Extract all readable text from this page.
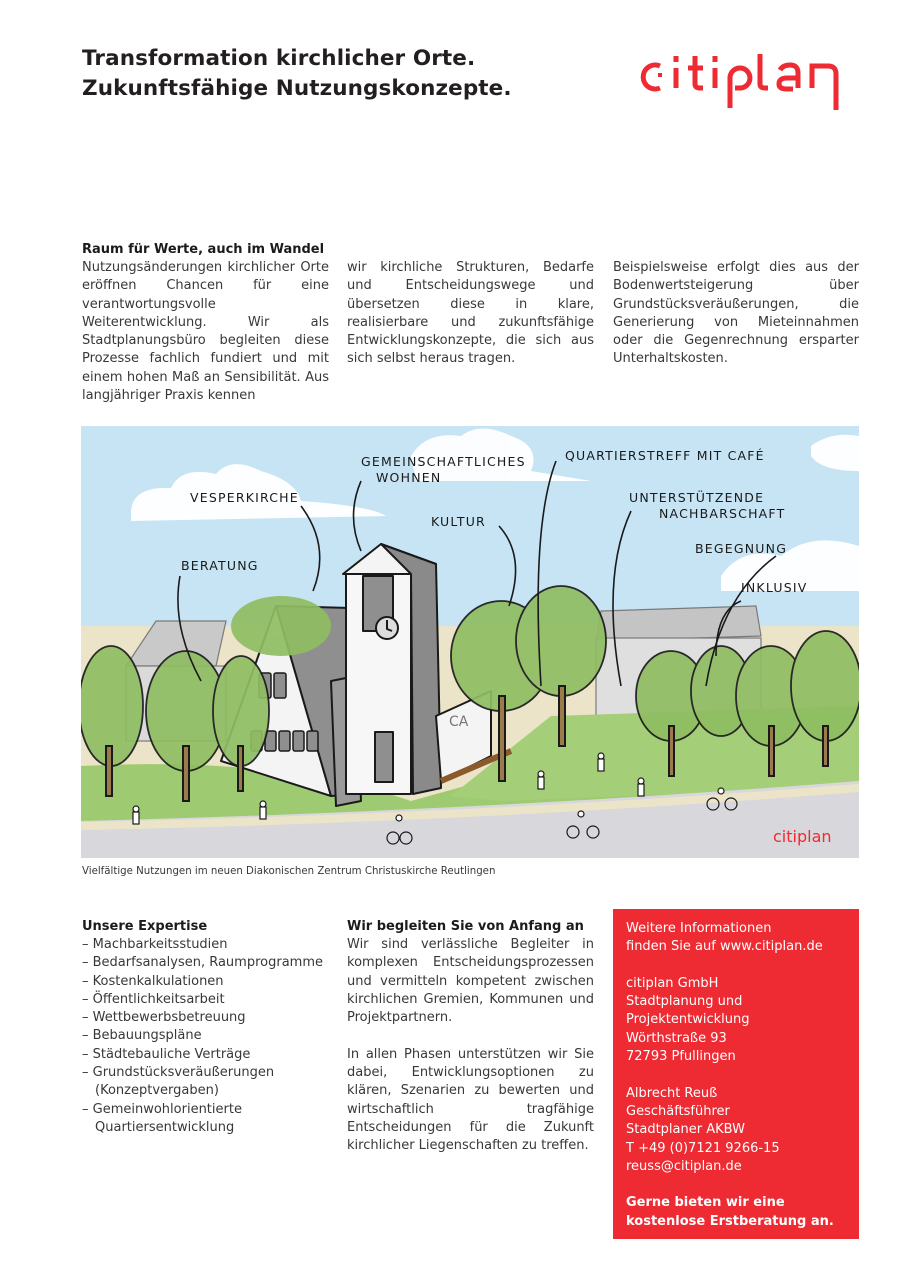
Transformation kirchlicher Orte.
Zukunftsfähige Nutzungskonzepte.
Raum für Werte, auch im Wandel

Nutzungsänderungen kirchlicher Orte eröffnen Chancen für eine verantwortungsvolle Weiterentwicklung. Wir als Stadtplanungsbüro begleiten diese Prozesse fachlich fundiert und mit einem hohen Maß an Sensibilität. Aus langjähriger Praxis kennen

wir kirchliche Strukturen, Bedarfe und Entscheidungswege und übersetzen diese in klare, realisierbare und zukunftsfähige Entwicklungskonzepte, die sich aus sich selbst heraus tragen.

Beispielsweise erfolgt dies aus der Bodenwertsteigerung über Grundstücksveräußerungen, die Generierung von Mieteinnahmen oder die Gegenrechnung ersparter Unterhaltskosten.

CA
BERATUNG
VESPERKIRCHE
GEMEINSCHAFTLICHES
WOHNEN
KULTUR
QUARTIERSTREFF MIT CAFÉ
UNTERSTÜTZENDE
NACHBARSCHAFT
BEGEGNUNG
INKLUSIV
citiplan
Vielfältige Nutzungen im neuen Diakonischen Zentrum Christuskirche Reutlingen
Unsere Expertise
– Machbarkeitsstudien
– Bedarfsanalysen, Raumprogramme
– Kostenkalkulationen
– Öffentlichkeitsarbeit
– Wettbewerbsbetreuung
– Bebauungspläne
– Städtebauliche Verträge
– Grundstücksveräußerungen (Konzeptvergaben)
– Gemeinwohlorientierte Quartiersentwicklung
Wir begleiten Sie von Anfang an

Wir sind verlässliche Begleiter in komplexen Entscheidungsprozessen und vermitteln kompetent zwischen kirchlichen Gremien, Kommunen und Projektpartnern.

In allen Phasen unterstützen wir Sie dabei, Entwicklungsoptionen zu klären, Szenarien zu bewerten und wirtschaftlich tragfähige Entscheidungen für die Zukunft kirchlicher Liegenschaften zu treffen.

Weitere Informationen
finden Sie auf www.citiplan.de
citiplan GmbH
Stadtplanung und
Projektentwicklung
Wörthstraße 93
72793 Pfullingen
Albrecht Reuß
Geschäftsführer
Stadtplaner AKBW
T +49 (0)7121 9266-15
reuss@citiplan.de
Gerne bieten wir eine
kostenlose Erstberatung an.
